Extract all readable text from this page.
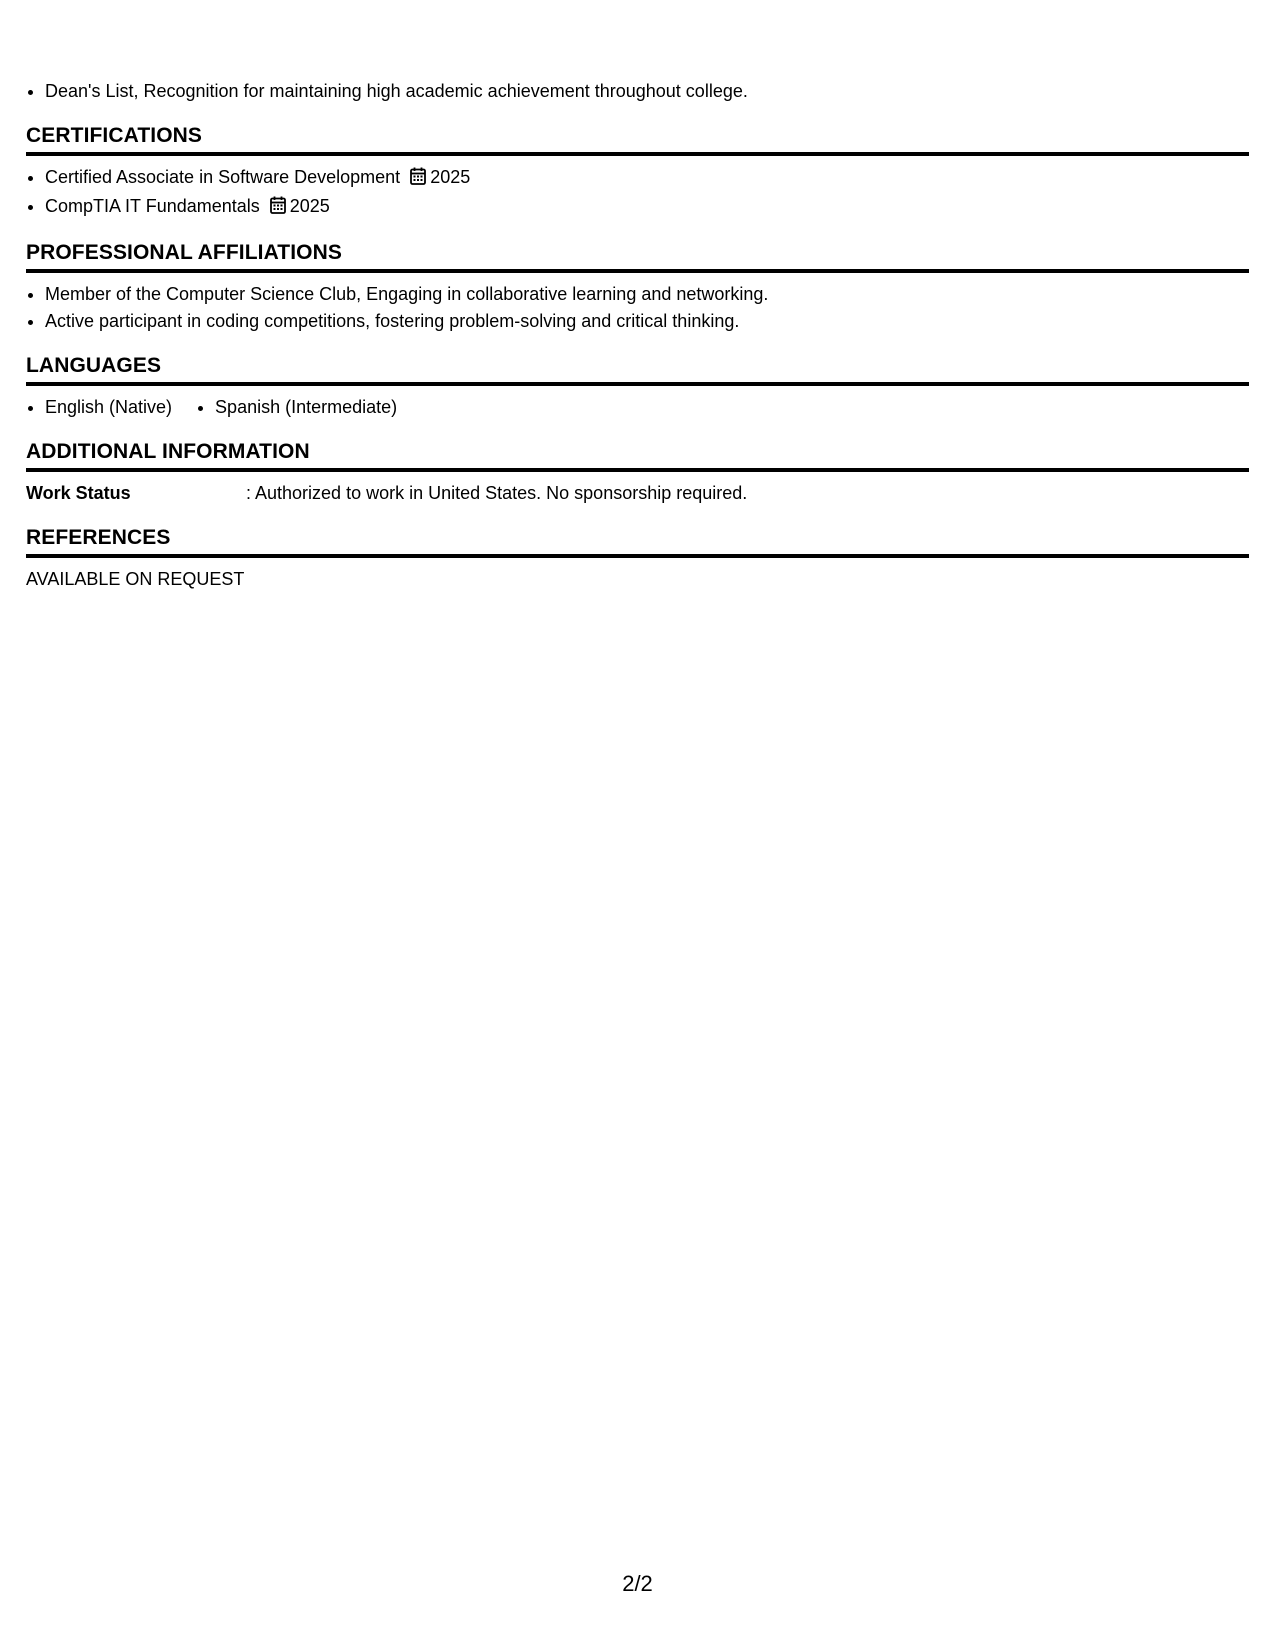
• Dean's List, Recognition for maintaining high academic achievement throughout college.
CERTIFICATIONS
• Certified Associate in Software Development 2025
• CompTIA IT Fundamentals 2025
PROFESSIONAL AFFILIATIONS
• Member of the Computer Science Club, Engaging in collaborative learning and networking.
• Active participant in coding competitions, fostering problem-solving and critical thinking.
LANGUAGES
• English (Native)
• Spanish (Intermediate)
ADDITIONAL INFORMATION
Work Status	: Authorized to work in United States. No sponsorship required.
REFERENCES
AVAILABLE ON REQUEST
2/2
